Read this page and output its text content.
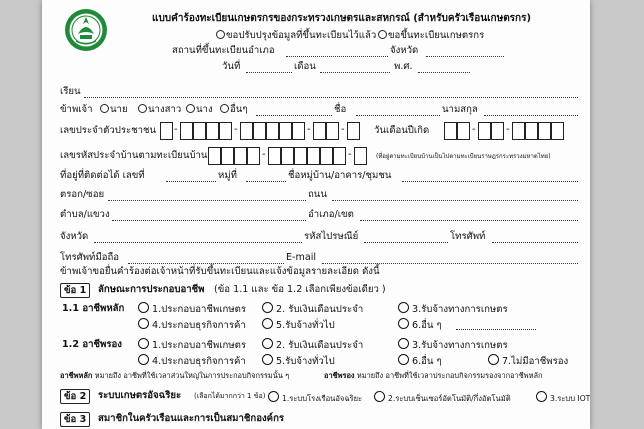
แบบคำร้องทะเบียนเกษตรกรของกระทรวงเกษตรและสหกรณ์ (สำหรับครัวเรือนเกษตรกร)
ขอปรับปรุงข้อมูลที่ขึ้นทะเบียนไว้แล้ว	ขอขึ้นทะเบียนเกษตรกร
สถานที่ขึ้นทะเบียนอำเภอ	จังหวัด
วันที่	เดือน	พ.ศ.
เรียน
ข้าพเจ้า	นาย	นางสาว	นาง	อื่นๆ	ชื่อ	นามสกุล
เลขประจำตัวประชาชน -	-	-	-	วันเดือนปีเกิด	-	-
เลขรหัสประจำบ้านตามทะเบียนบ้าน	-	-	(ที่อยู่ตามทะเบียนบ้านเป็นไปตามทะเบียนราษฎรกระทรวงมหาดไทย)
ที่อยู่ที่ติดต่อได้ เลขที่	หมู่ที่	ชื่อหมู่บ้าน/อาคาร/ชุมชน
ตรอก/ซอย	ถนน
ตำบล/แขวง	อำเภอ/เขต
จังหวัด	รหัสไปรษณีย์	โทรศัพท์
โทรศัพท์มือถือ	E-mail
ข้าพเจ้าขอยื่นคำร้องต่อเจ้าหน้าที่รับขึ้นทะเบียนและแจ้งข้อมูลรายละเอียด ดังนี้
ข้อ 1	ลักษณะการประกอบอาชีพ (ข้อ 1.1 และ ข้อ 1.2 เลือกเพียงข้อเดียว )
1.1 อาชีพหลัก	1.ประกอบอาชีพเกษตร	2. รับเงินเดือนประจำ	3.รับจ้างทางการเกษตร
4.ประกอบธุรกิจการค้า	5.รับจ้างทั่วไป	6.อื่น ๆ
1.2 อาชีพรอง	1.ประกอบอาชีพเกษตร	2. รับเงินเดือนประจำ	3.รับจ้างทางการเกษตร
4.ประกอบธุรกิจการค้า	5.รับจ้างทั่วไป	6.อื่น ๆ	7.ไม่มีอาชีพรอง
อาชีพหลัก หมายถึง อาชีพที่ใช้เวลาส่วนใหญ่ในการประกอบกิจกรรมนั้น ๆ	อาชีพรอง หมายถึง อาชีพที่ใช้เวลาประกอบกิจกรรมรองจากอาชีพหลัก
ข้อ 2	ระบบเกษตรอัจฉริยะ (เลือกได้มากกว่า 1 ข้อ)	1.ระบบโรงเรือนอัจฉริยะ	2.ระบบเซ็นเซอร์อัตโนมัติ/กึ่งอัตโนมัติ	3.ระบบ IOT
ข้อ 3	สมาชิกในครัวเรือนและการเป็นสมาชิกองค์กร
